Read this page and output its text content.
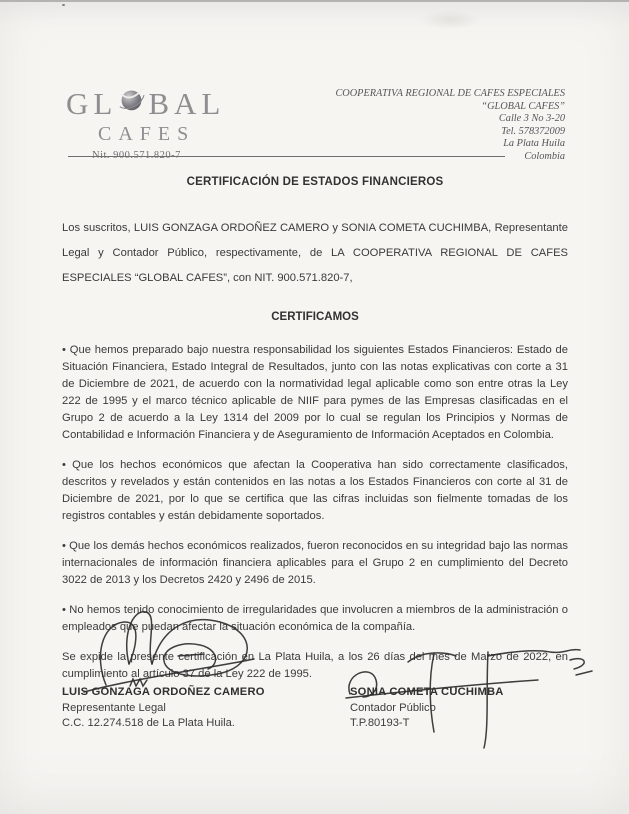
GL BAL
CAFES
Nit. 900.571.820-7
COOPERATIVA REGIONAL DE CAFES ESPECIALES
“GLOBAL CAFES”
Calle 3 No 3-20
Tel. 578372009
La Plata Huila
Colombia
CERTIFICACIÓN DE ESTADOS FINANCIEROS

Los suscritos, LUIS GONZAGA ORDOÑEZ CAMERO y SONIA COMETA CUCHIMBA, Representante Legal y Contador Público, respectivamente, de LA COOPERATIVA REGIONAL DE CAFES ESPECIALES “GLOBAL CAFES”, con NIT. 900.571.820-7,

CERTIFICAMOS

• Que hemos preparado bajo nuestra responsabilidad los siguientes Estados Financieros: Estado de Situación Financiera, Estado Integral de Resultados, junto con las notas explicativas con corte a 31 de Diciembre de 2021, de acuerdo con la normatividad legal aplicable como son entre otras la Ley 222 de 1995 y el marco técnico aplicable de NIIF para pymes de las Empresas clasificadas en el Grupo 2 de acuerdo a la Ley 1314 del 2009 por lo cual se regulan los Principios y Normas de Contabilidad e Información Financiera y de Aseguramiento de Información Aceptados en Colombia.

• Que los hechos económicos que afectan la Cooperativa han sido correctamente clasificados, descritos y revelados y están contenidos en las notas a los Estados Financieros con corte al 31 de Diciembre de 2021, por lo que se certifica que las cifras incluidas son fielmente tomadas de los registros contables y están debidamente soportados.

• Que los demás hechos económicos realizados, fueron reconocidos en su integridad bajo las normas internacionales de información financiera aplicables para el Grupo 2 en cumplimiento del Decreto 3022 de 2013 y los Decretos 2420 y 2496 de 2015.

• No hemos tenido conocimiento de irregularidades que involucren a miembros de la administración o empleados que puedan afectar la situación económica de la compañía.

Se expide la presente certificación en La Plata Huila, a los 26 días del mes de Marzo de 2022, en cumplimiento al artículo 37 de la Ley 222 de 1995.

LUIS GONZAGA ORDOÑEZ CAMERO
Representante Legal
C.C. 12.274.518 de La Plata Huila.
SONIA COMETA CUCHIMBA
Contador Público
T.P.80193-T
